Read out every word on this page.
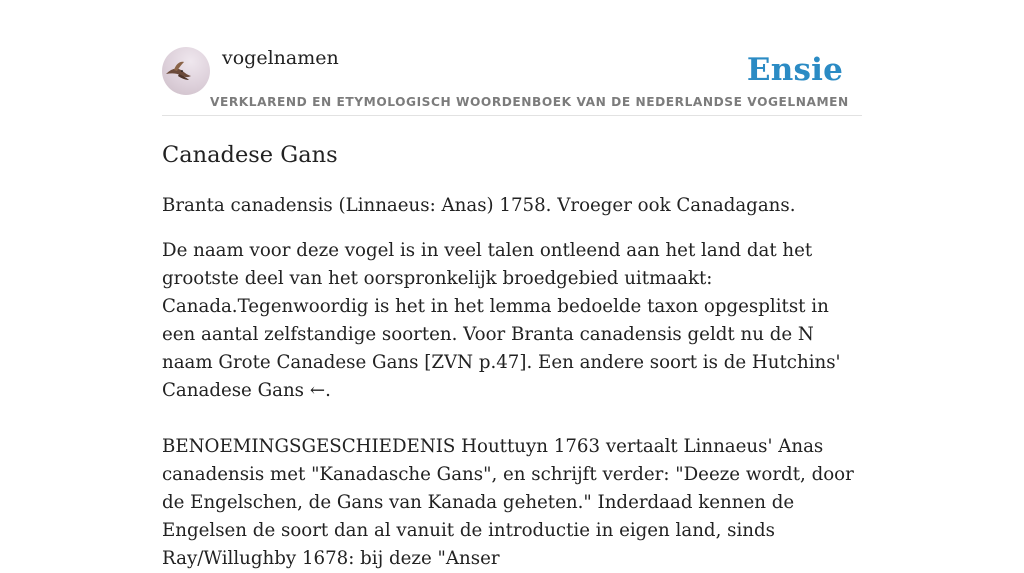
vogelnamen	Ensie
VERKLAREND EN ETYMOLOGISCH WOORDENBOEK VAN DE NEDERLANDSE VOGELNAMEN
Canadese Gans

Branta canadensis (Linnaeus: Anas) 1758. Vroeger ook Canadagans.

De naam voor deze vogel is in veel talen ontleend aan het land dat het grootste deel van het oorspronkelijk broedgebied uitmaakt: Canada.Tegenwoordig is het in het lemma bedoelde taxon opgesplitst in een aantal zelfstandige soorten. Voor Branta canadensis geldt nu de N naam Grote Canadese Gans [ZVN p.47]. Een andere soort is de Hutchins' Canadese Gans ←.

BENOEMINGSGESCHIEDENIS Houttuyn 1763 vertaalt Linnaeus' Anas canadensis met "Kanadasche Gans", en schrijft verder: "Deeze wordt, door de Engelschen, de Gans van Kanada geheten." Inderdaad kennen de Engelsen de soort dan al vanuit de introductie in eigen land, sinds Ray/Willughby 1678: bij deze "Anser
